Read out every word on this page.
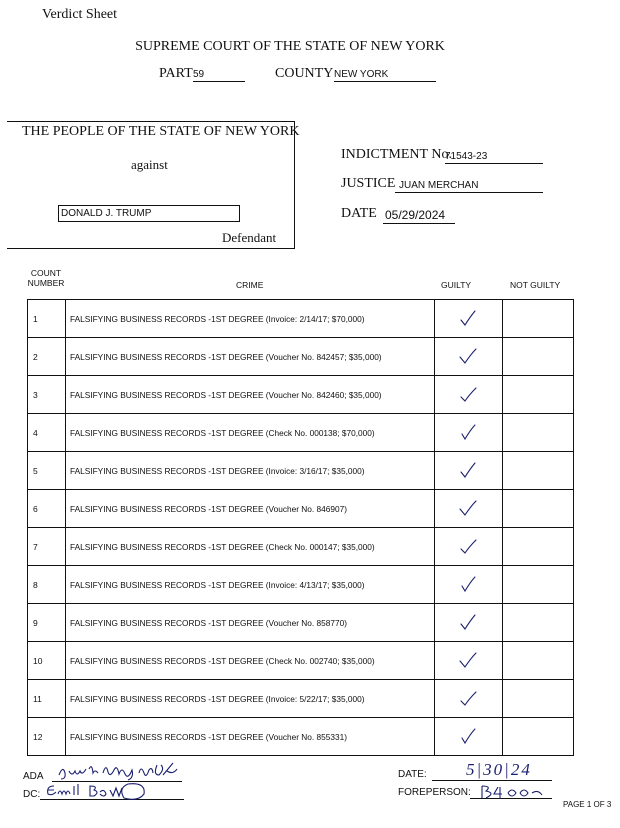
Verdict Sheet
SUPREME COURT OF THE STATE OF NEW YORK
PART 59	COUNTY NEW YORK
THE PEOPLE OF THE STATE OF NEW YORK
against
DONALD J. TRUMP
Defendant
INDICTMENT No.
71543-23
JUSTICE JUAN MERCHAN
DATE 05/29/2024
COUNT NUMBER	CRIME	GUILTY	NOT GUILTY
1	FALSIFYING BUSINESS RECORDS -1ST DEGREE (Invoice: 2/14/17; $70,000)		
2	FALSIFYING BUSINESS RECORDS -1ST DEGREE (Voucher No. 842457; $35,000)		
3	FALSIFYING BUSINESS RECORDS -1ST DEGREE (Voucher No. 842460; $35,000)		
4	FALSIFYING BUSINESS RECORDS -1ST DEGREE (Check No. 000138; $70,000)		
5	FALSIFYING BUSINESS RECORDS -1ST DEGREE (Invoice: 3/16/17; $35,000)		
6	FALSIFYING BUSINESS RECORDS -1ST DEGREE (Voucher No. 846907)		
7	FALSIFYING BUSINESS RECORDS -1ST DEGREE (Check No. 000147; $35,000)		
8	FALSIFYING BUSINESS RECORDS -1ST DEGREE (Invoice: 4/13/17; $35,000)		
9	FALSIFYING BUSINESS RECORDS -1ST DEGREE (Voucher No. 858770)		
10	FALSIFYING BUSINESS RECORDS -1ST DEGREE (Check No. 002740; $35,000)		
11	FALSIFYING BUSINESS RECORDS -1ST DEGREE (Invoice: 5/22/17; $35,000)		
12	FALSIFYING BUSINESS RECORDS -1ST DEGREE (Voucher No. 855331)		
ADA
DC:
DATE: 5|30|24
FOREPERSON:
PAGE 1 OF 3
